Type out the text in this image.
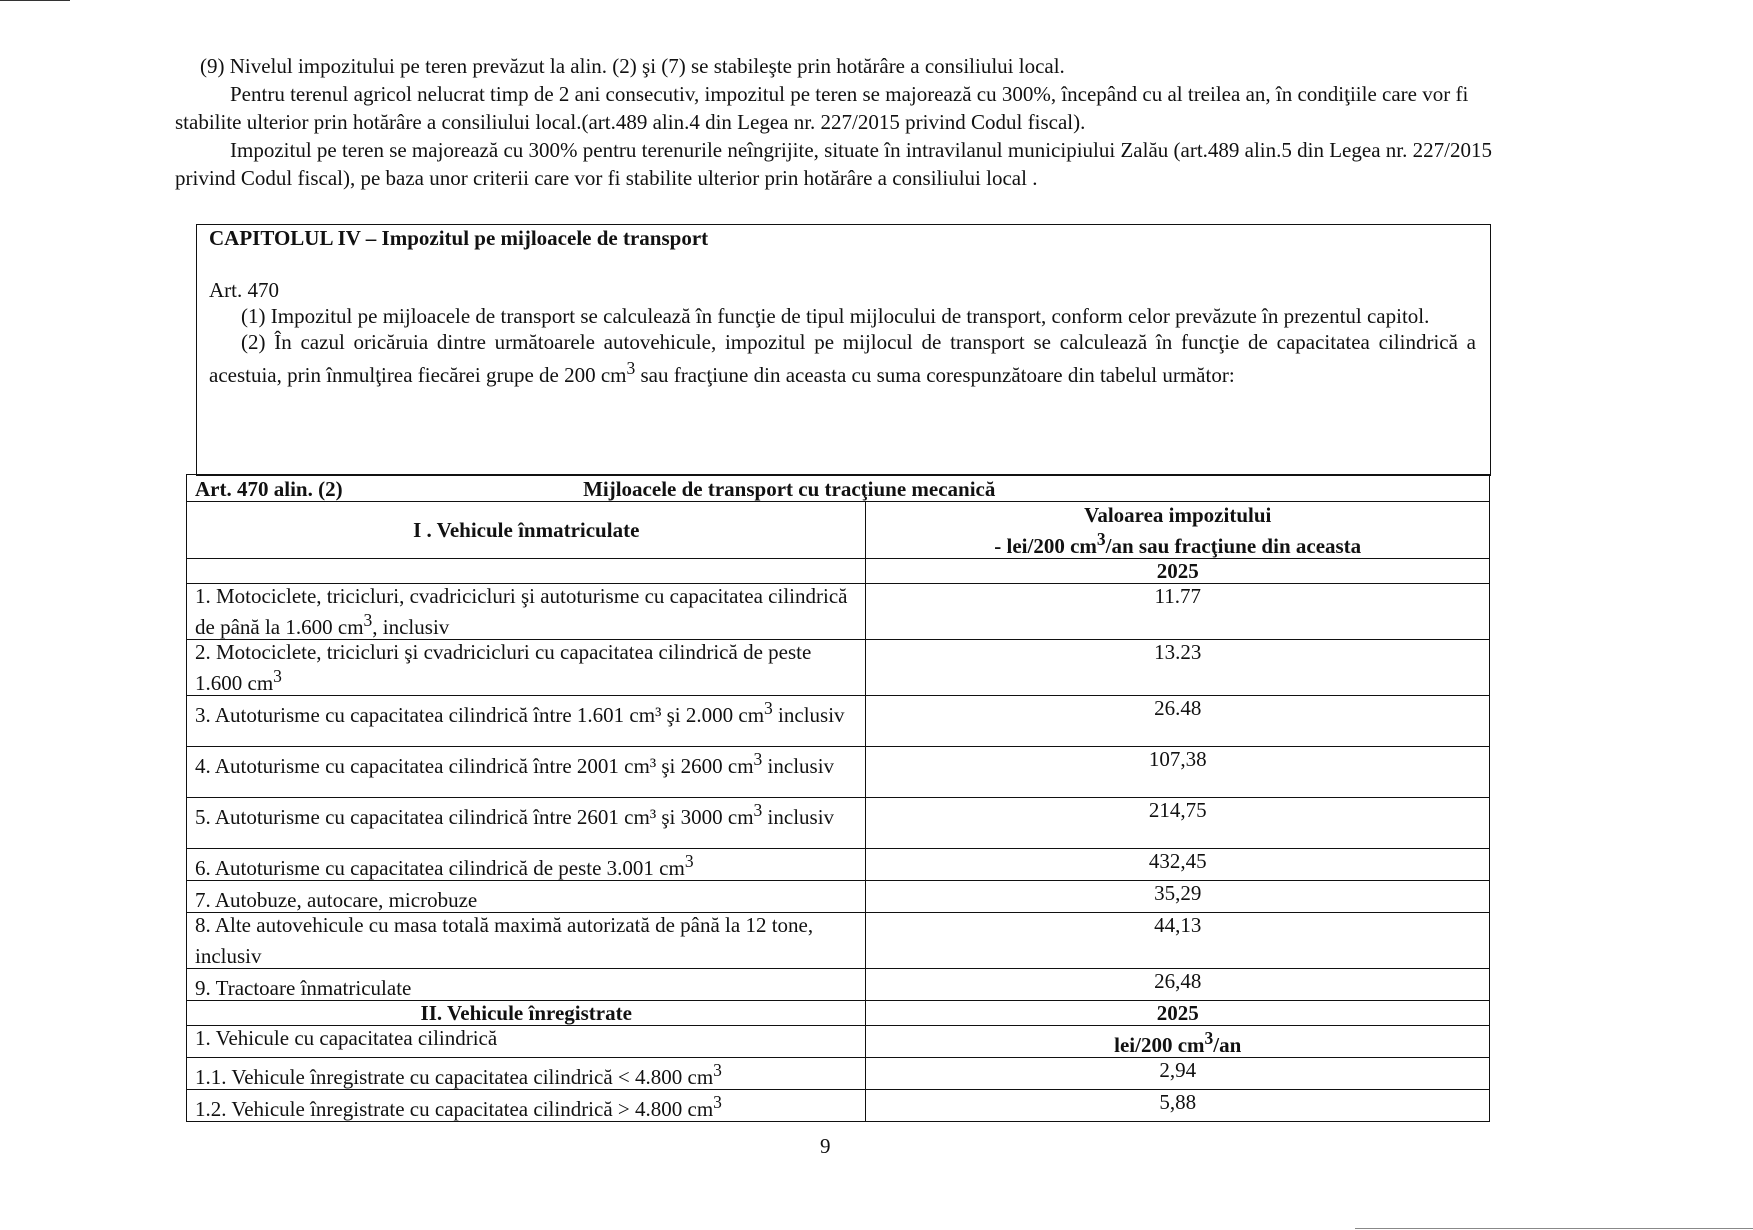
(9) Nivelul impozitului pe teren prevăzut la alin. (2) şi (7) se stabileşte prin hotărâre a consiliului local.

Pentru terenul agricol nelucrat timp de 2 ani consecutiv, impozitul pe teren se majorează cu 300%, începând cu al treilea an, în condiţiile care vor fi stabilite ulterior prin hotărâre a consiliului local.(art.489 alin.4 din Legea nr. 227/2015 privind Codul fiscal).

Impozitul pe teren se majorează cu 300% pentru terenurile neîngrijite, situate în intravilanul municipiului Zalău (art.489 alin.5 din Legea nr. 227/2015 privind Codul fiscal), pe baza unor criterii care vor fi stabilite ulterior prin hotărâre a consiliului local .

CAPITOLUL IV – Impozitul pe mijloacele de transport

Art. 470

(1) Impozitul pe mijloacele de transport se calculează în funcţie de tipul mijlocului de transport, conform celor prevăzute în prezentul capitol.

(2) În cazul oricăruia dintre următoarele autovehicule, impozitul pe mijlocul de transport se calculează în funcţie de capacitatea cilindrică a acestuia, prin înmulţirea fiecărei grupe de 200 $cm^3$ sau fracţiune din aceasta cu suma corespunzătoare din tabelul următor:

Art. 470 alin. (2) Mijloacele de transport cu tracţiune mecanică	
I . Vehicule înmatriculate	Valoarea impozitului
- lei/200 $cm^3/an$ sau fracţiune din aceasta

	2025
1. Motociclete, tricicluri, cvadricicluri şi autoturisme cu capacitatea cilindrică de până la 1.600 $cm^3$, inclusiv	11.77
2. Motociclete, tricicluri şi cvadricicluri cu capacitatea cilindrică de peste 1.600 $cm^3$	13.23
3. Autoturisme cu capacitatea cilindrică între 1.601 cm³ şi 2.000 $cm^3$ inclusiv	26.48
4. Autoturisme cu capacitatea cilindrică între 2001 cm³ şi 2600 $cm^3$ inclusiv	107,38
5. Autoturisme cu capacitatea cilindrică între 2601 cm³ şi 3000 $cm^3$ inclusiv	214,75
6. Autoturisme cu capacitatea cilindrică de peste 3.001 $cm^3$	432,45
7. Autobuze, autocare, microbuze	35,29
8. Alte autovehicule cu masa totală maximă autorizată de până la 12 tone, inclusiv	44,13
9. Tractoare înmatriculate	26,48
II. Vehicule înregistrate	2025
1. Vehicule cu capacitatea cilindrică	lei/200 $cm^3/an$
1.1. Vehicule înregistrate cu capacitatea cilindrică < 4.800 $cm^3$	2,94
1.2. Vehicule înregistrate cu capacitatea cilindrică > 4.800 $cm^3$	5,88
9
